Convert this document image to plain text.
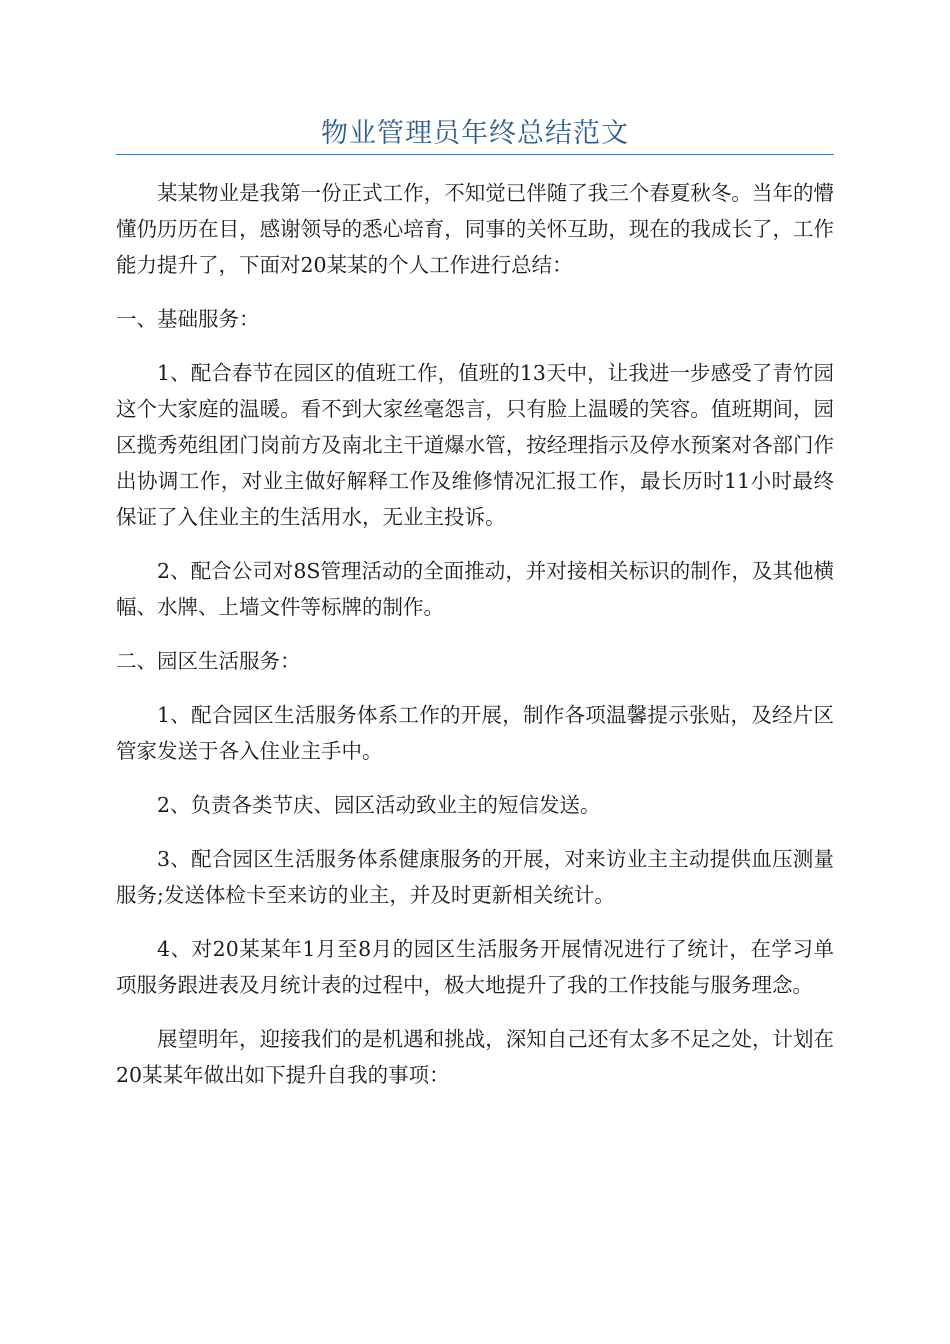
物业管理员年终总结范文

某某物业是我第一份正式工作，不知觉已伴随了我三个春夏秋冬。当年的懵懂仍历历在目，感谢领导的悉心培育，同事的关怀互助，现在的我成长了，工作能力提升了，下面对20某某的个人工作进行总结：

一、基础服务：

1、配合春节在园区的值班工作，值班的13天中，让我进一步感受了青竹园这个大家庭的温暖。看不到大家丝毫怨言，只有脸上温暖的笑容。值班期间，园区揽秀苑组团门岗前方及南北主干道爆水管，按经理指示及停水预案对各部门作出协调工作，对业主做好解释工作及维修情况汇报工作，最长历时11小时最终保证了入住业主的生活用水，无业主投诉。

2、配合公司对8S管理活动的全面推动，并对接相关标识的制作，及其他横幅、水牌、上墙文件等标牌的制作。

二、园区生活服务：

1、配合园区生活服务体系工作的开展，制作各项温馨提示张贴，及经片区管家发送于各入住业主手中。

2、负责各类节庆、园区活动致业主的短信发送。

3、配合园区生活服务体系健康服务的开展，对来访业主主动提供血压测量服务;发送体检卡至来访的业主，并及时更新相关统计。

4、对20某某年1月至8月的园区生活服务开展情况进行了统计，在学习单项服务跟进表及月统计表的过程中，极大地提升了我的工作技能与服务理念。

展望明年，迎接我们的是机遇和挑战，深知自己还有太多不足之处，计划在20某某年做出如下提升自我的事项：
